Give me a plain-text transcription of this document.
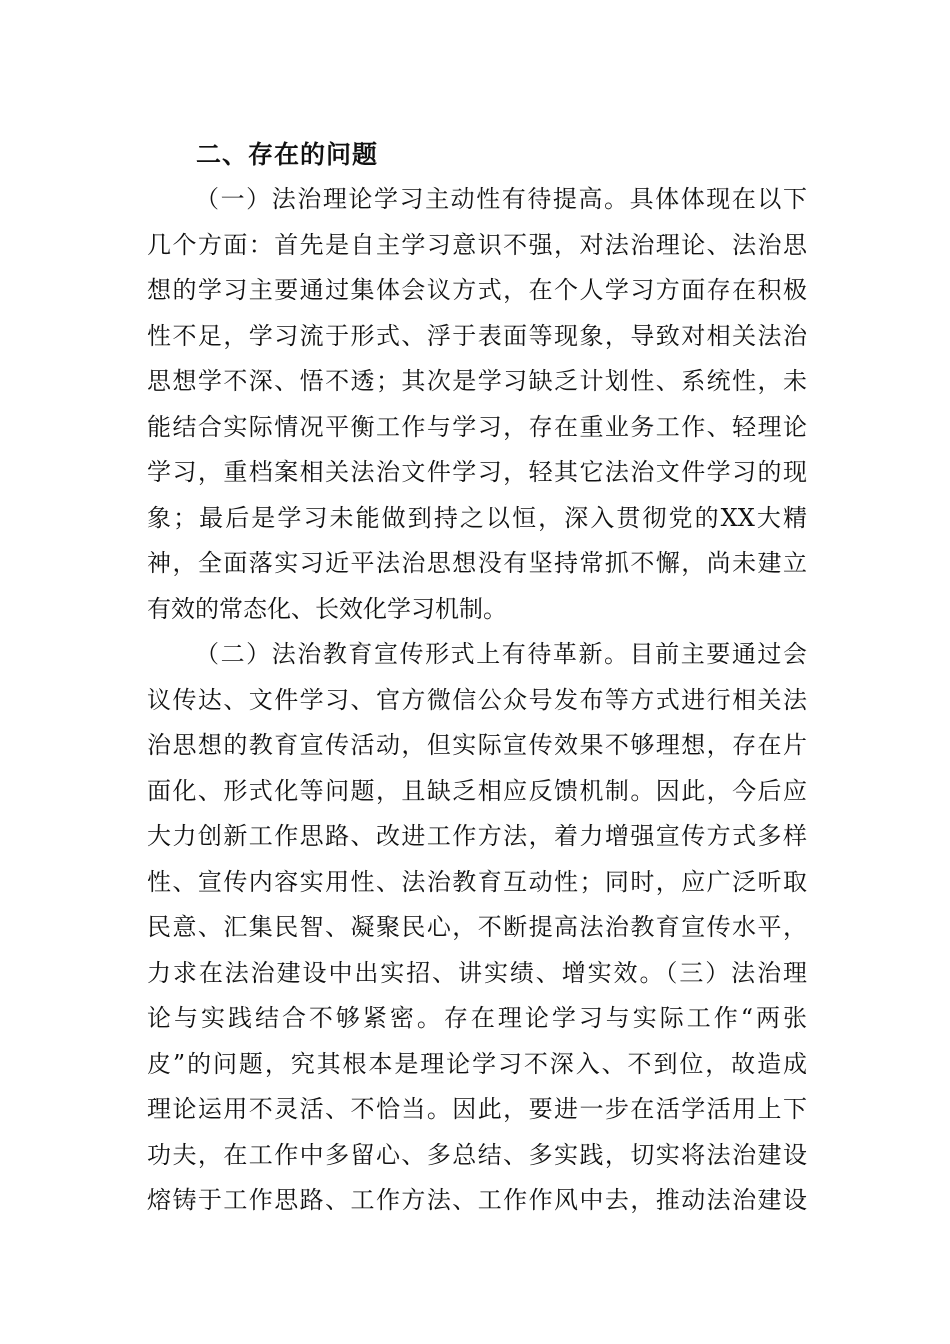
二、存在的问题
（一）法治理论学习主动性有待提高。具体体现在以下
几个方面：首先是自主学习意识不强，对法治理论、法治思
想的学习主要通过集体会议方式，在个人学习方面存在积极
性不足，学习流于形式、浮于表面等现象，导致对相关法治
思想学不深、悟不透；其次是学习缺乏计划性、系统性，未
能结合实际情况平衡工作与学习，存在重业务工作、轻理论
学习，重档案相关法治文件学习，轻其它法治文件学习的现
象；最后是学习未能做到持之以恒，深入贯彻党的XX大精
神，全面落实习近平法治思想没有坚持常抓不懈，尚未建立
有效的常态化、长效化学习机制。
（二）法治教育宣传形式上有待革新。目前主要通过会
议传达、文件学习、官方微信公众号发布等方式进行相关法
治思想的教育宣传活动，但实际宣传效果不够理想，存在片
面化、形式化等问题，且缺乏相应反馈机制。因此，今后应
大力创新工作思路、改进工作方法，着力增强宣传方式多样
性、宣传内容实用性、法治教育互动性；同时，应广泛听取
民意、汇集民智、凝聚民心，不断提高法治教育宣传水平，
力求在法治建设中出实招、讲实绩、增实效。（三）法治理
论与实践结合不够紧密。存在理论学习与实际工作“两张
皮”的问题，究其根本是理论学习不深入、不到位，故造成
理论运用不灵活、不恰当。因此，要进一步在活学活用上下
功夫，在工作中多留心、多总结、多实践，切实将法治建设
熔铸于工作思路、工作方法、工作作风中去，推动法治建设
